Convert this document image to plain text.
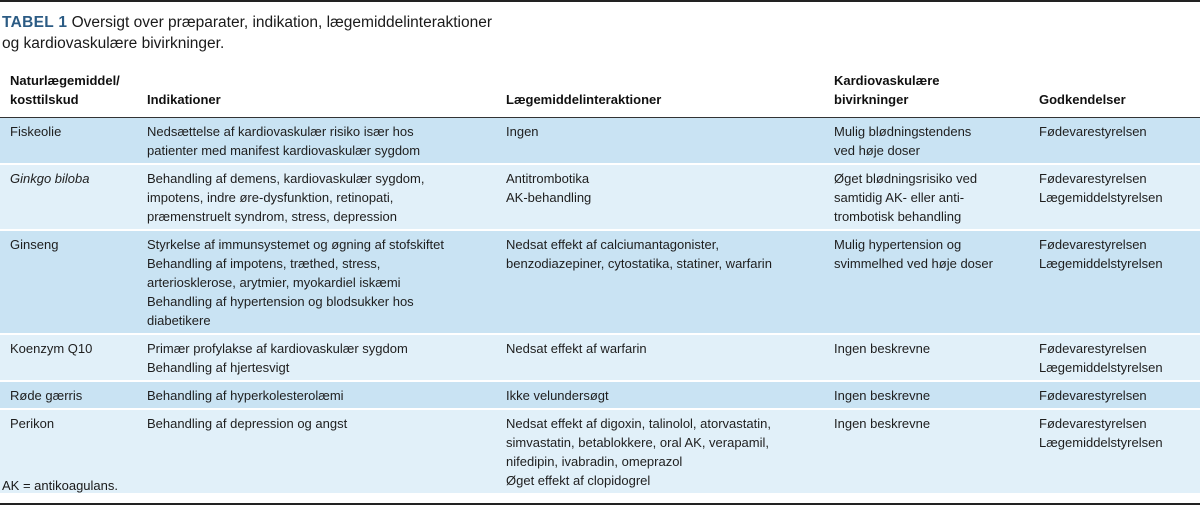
TABEL 1 Oversigt over præparater, indikation, lægemiddelinteraktioner
og kardiovaskulære bivirkninger.
Naturlægemiddel/
kosttilskud	Indikationer	Lægemiddelinteraktioner	Kardiovaskulære
bivirkninger	Godkendelser
Fiskeolie	Nedsættelse af kardiovaskulær risiko især hos
patienter med manifest kardiovaskulær sygdom	Ingen	Mulig blødningstendens
ved høje doser	Fødevarestyrelsen

Ginkgo biloba	Behandling af demens, kardiovaskulær sygdom,
impotens, indre øre-dysfunktion, retinopati,
præmenstruelt syndrom, stress, depression	Antitrombotika
AK-behandling	Øget blødningsrisiko ved
samtidig AK- eller anti-
trombotisk behandling	Fødevarestyrelsen
Lægemiddelstyrelsen

Ginseng	Styrkelse af immunsystemet og øgning af stofskiftet
Behandling af impotens, træthed, stress,
arteriosklerose, arytmier, myokardiel iskæmi
Behandling af hypertension og blodsukker hos
diabetikere	Nedsat effekt af calciumantagonister,
benzodiazepiner, cytostatika, statiner, warfarin	Mulig hypertension og
svimmelhed ved høje doser	Fødevarestyrelsen
Lægemiddelstyrelsen

Koenzym Q10	Primær profylakse af kardiovaskulær sygdom
Behandling af hjertesvigt	Nedsat effekt af warfarin	Ingen beskrevne	Fødevarestyrelsen
Lægemiddelstyrelsen

Røde gærris	Behandling af hyperkolesterolæmi	Ikke velundersøgt	Ingen beskrevne	Fødevarestyrelsen

Perikon	Behandling af depression og angst	Nedsat effekt af digoxin, talinolol, atorvastatin,
simvastatin, betablokkere, oral AK, verapamil,
nifedipin, ivabradin, omeprazol
Øget effekt af clopidogrel	Ingen beskrevne	Fødevarestyrelsen
Lægemiddelstyrelsen
AK = antikoagulans.
